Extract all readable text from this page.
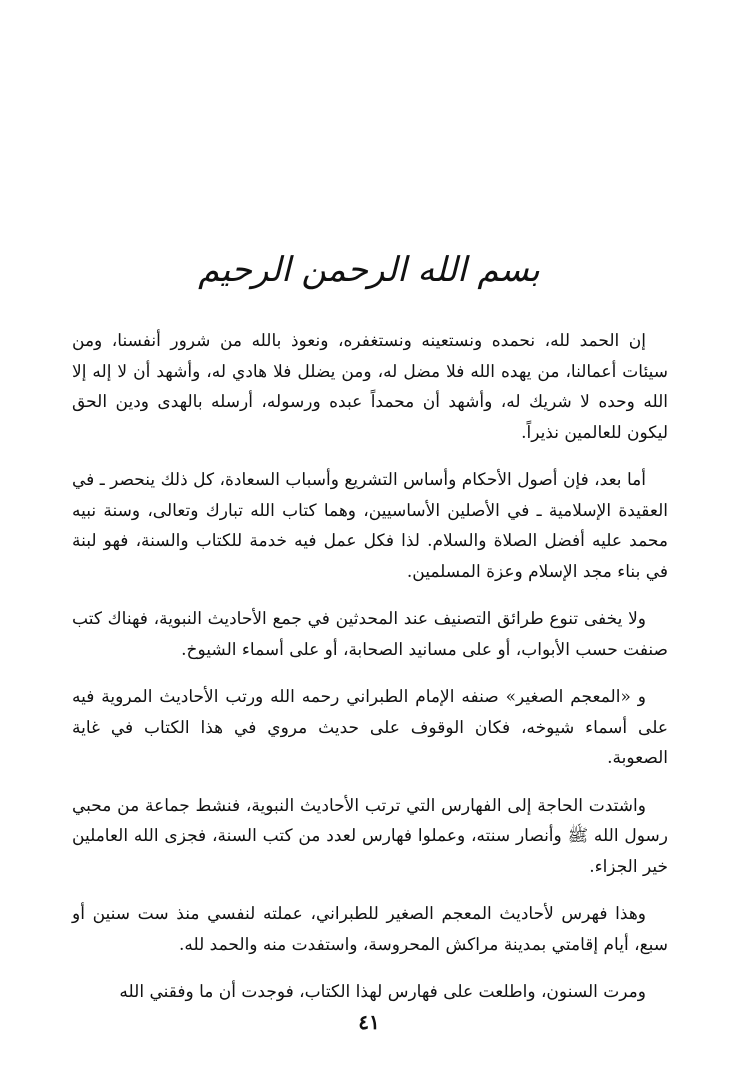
بسم الله الرحمن الرحيم

إن الحمد لله، نحمده ونستعينه ونستغفره، ونعوذ بالله من شرور أنفسنا، ومن سيئات أعمالنا، من يهده الله فلا مضل له، ومن يضلل فلا هادي له، وأشهد أن لا إله إلا الله وحده لا شريك له، وأشهد أن محمداً عبده ورسوله، أرسله بالهدى ودين الحق ليكون للعالمين نذيراً.

أما بعد، فإن أصول الأحكام وأساس التشريع وأسباب السعادة، كل ذلك ينحصر ـ في العقيدة الإسلامية ـ في الأصلين الأساسيين، وهما كتاب الله تبارك وتعالى، وسنة نبيه محمد عليه أفضل الصلاة والسلام. لذا فكل عمل فيه خدمة للكتاب والسنة، فهو لبنة في بناء مجد الإسلام وعزة المسلمين.

ولا يخفى تنوع طرائق التصنيف عند المحدثين في جمع الأحاديث النبوية، فهناك كتب صنفت حسب الأبواب، أو على مسانيد الصحابة، أو على أسماء الشيوخ.

و «المعجم الصغير» صنفه الإمام الطبراني رحمه الله ورتب الأحاديث المروية فيه على أسماء شيوخه، فكان الوقوف على حديث مروي في هذا الكتاب في غاية الصعوبة.

واشتدت الحاجة إلى الفهارس التي ترتب الأحاديث النبوية، فنشط جماعة من محبي رسول الله ﷺ وأنصار سنته، وعملوا فهارس لعدد من كتب السنة، فجزى الله العاملين خير الجزاء.

وهذا فهرس لأحاديث المعجم الصغير للطبراني، عملته لنفسي منذ ست سنين أو سبع، أيام إقامتي بمدينة مراكش المحروسة، واستفدت منه والحمد لله.

ومرت السنون، واطلعت على فهارس لهذا الكتاب، فوجدت أن ما وفقني الله

٤١
